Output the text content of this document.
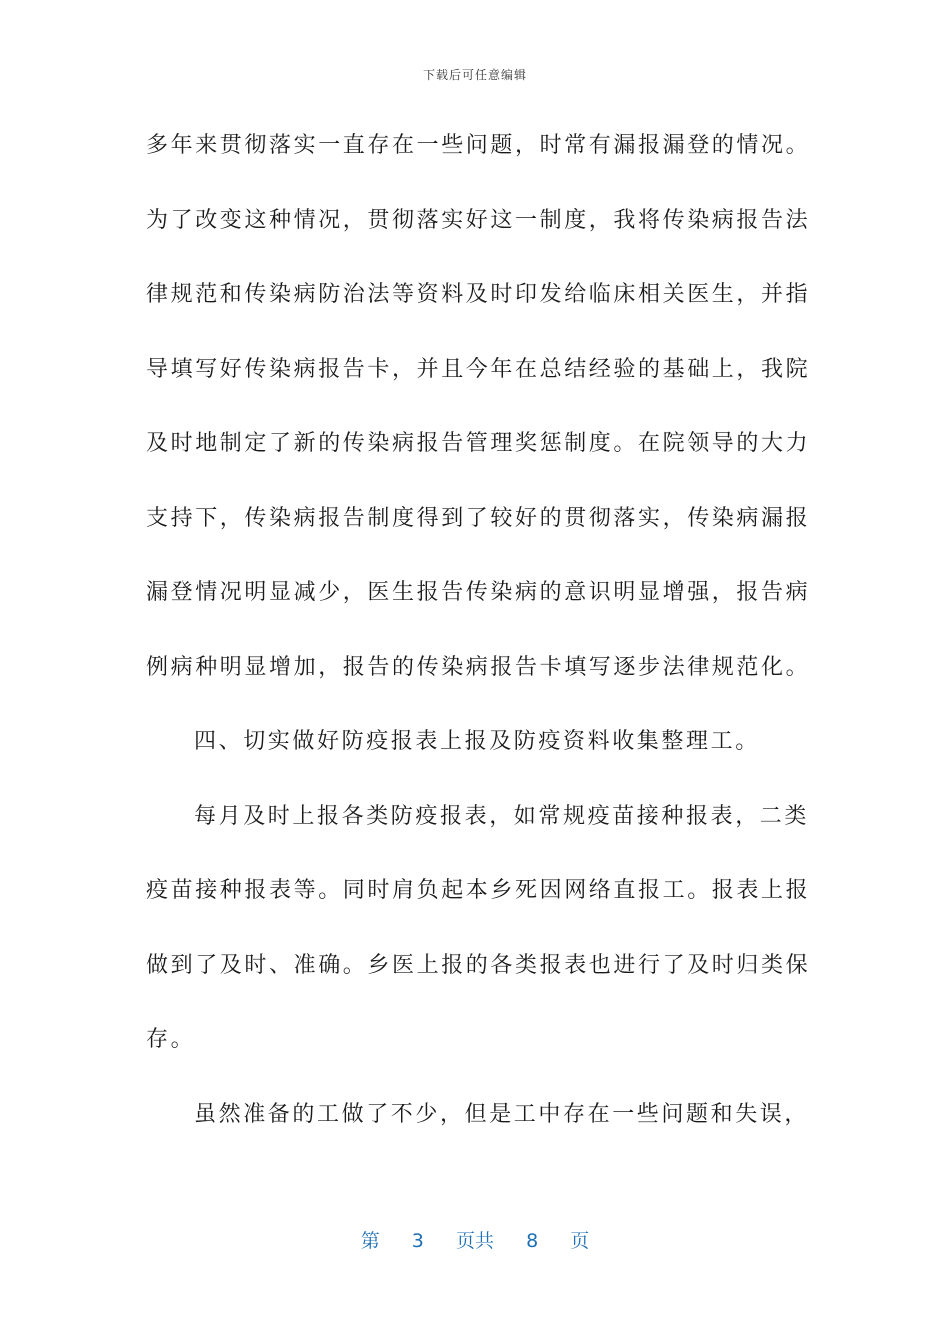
下载后可任意编辑
多年来贯彻落实一直存在一些问题，时常有漏报漏登的情况。
为了改变这种情况，贯彻落实好这一制度，我将传染病报告法
律规范和传染病防治法等资料及时印发给临床相关医生，并指
导填写好传染病报告卡，并且今年在总结经验的基础上，我院
及时地制定了新的传染病报告管理奖惩制度。在院领导的大力
支持下，传染病报告制度得到了较好的贯彻落实，传染病漏报
漏登情况明显减少，医生报告传染病的意识明显增强，报告病
例病种明显增加，报告的传染病报告卡填写逐步法律规范化。
四、切实做好防疫报表上报及防疫资料收集整理工。
每月及时上报各类防疫报表，如常规疫苗接种报表，二类
疫苗接种报表等。同时肩负起本乡死因网络直报工。报表上报
做到了及时、准确。乡医上报的各类报表也进行了及时归类保
存。
虽然准备的工做了不少，但是工中存在一些问题和失误，
第 3 页共 8 页
